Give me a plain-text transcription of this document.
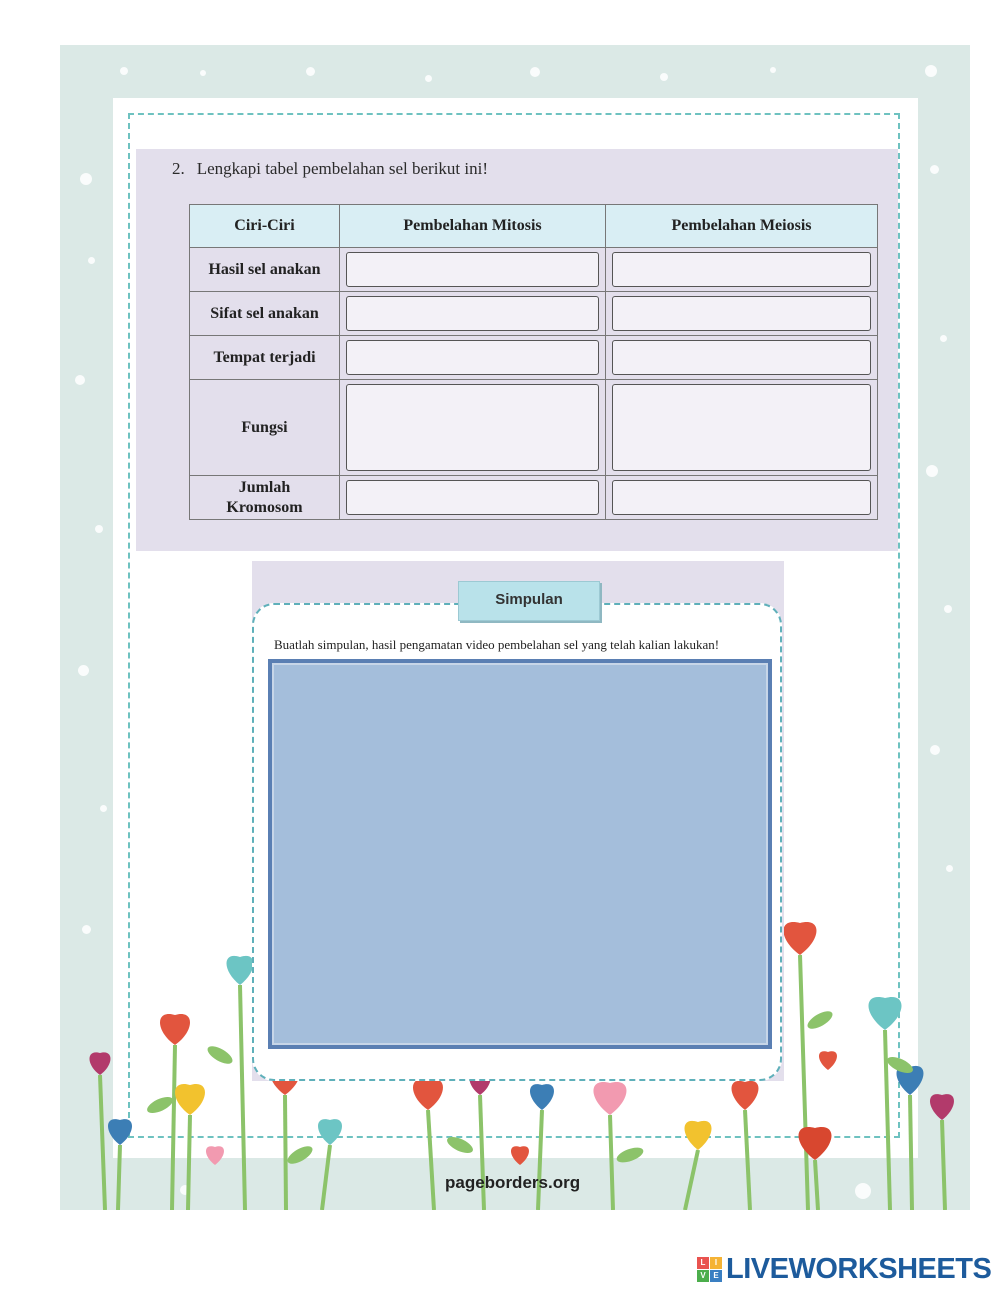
2. Lengkapi tabel pembelahan sel berikut ini!
Ciri-Ciri	Pembelahan Mitosis	Pembelahan Meiosis
Hasil sel anakan	

Sifat sel anakan	

Tempat terjadi	

Fungsi	

Jumlah Kromosom	

Buatlah simpulan, hasil pengamatan video pembelahan sel yang telah kalian lakukan!
Simpulan
pageborders.org
L	I
V E LIVEWORKSHEETS
